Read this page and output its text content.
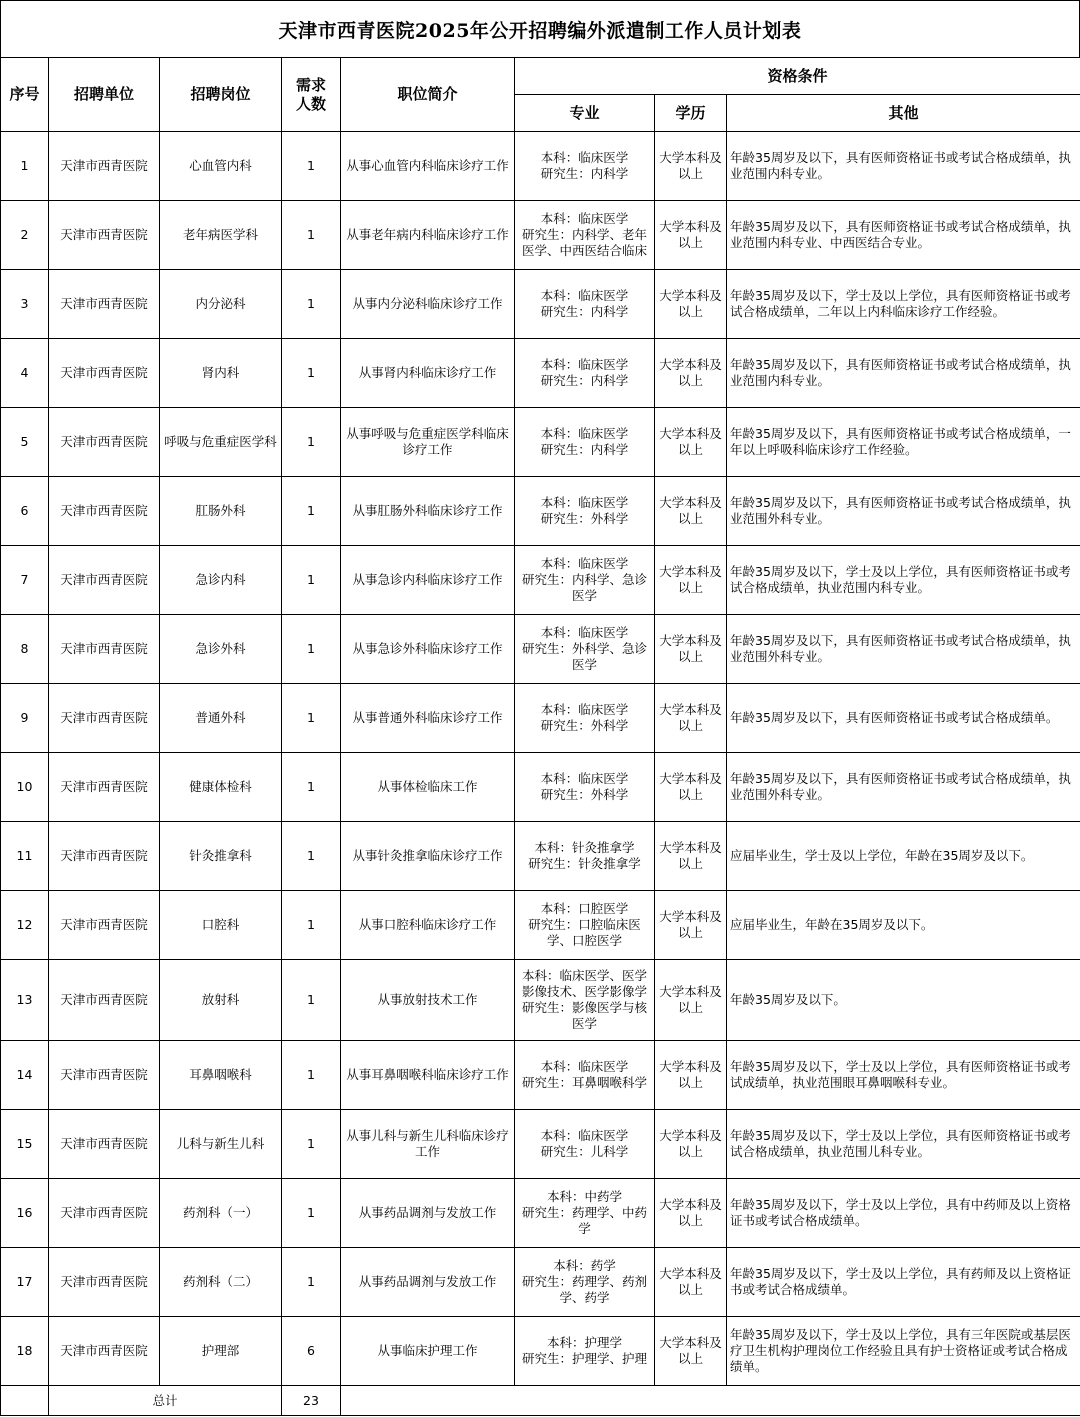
天津市西青医院2025年公开招聘编外派遣制工作人员计划表
序号	招聘单位	招聘岗位	需求人数	职位简介	资格条件		
					专业	学历	其他

1	天津市西青医院	心血管内科	1	从事心血管内科临床诊疗工作	本科：临床医学
研究生：内科学	大学本科及以上	年龄35周岁及以下，具有医师资格证书或考试合格成绩单，执业范围内科专业。

2	天津市西青医院	老年病医学科	1	从事老年病内科临床诊疗工作	本科：临床医学
研究生：内科学、老年医学、中西医结合临床	大学本科及以上	年龄35周岁及以下，具有医师资格证书或考试合格成绩单，执业范围内科专业、中西医结合专业。

3	天津市西青医院	内分泌科	1	从事内分泌科临床诊疗工作	本科：临床医学
研究生：内科学	大学本科及以上	年龄35周岁及以下，学士及以上学位，具有医师资格证书或考试合格成绩单，二年以上内科临床诊疗工作经验。

4	天津市西青医院	肾内科	1	从事肾内科临床诊疗工作	本科：临床医学
研究生：内科学	大学本科及以上	年龄35周岁及以下，具有医师资格证书或考试合格成绩单，执业范围内科专业。

5	天津市西青医院	呼吸与危重症医学科	1	从事呼吸与危重症医学科临床诊疗工作	本科：临床医学
研究生：内科学	大学本科及以上	年龄35周岁及以下，具有医师资格证书或考试合格成绩单，一年以上呼吸科临床诊疗工作经验。

6	天津市西青医院	肛肠外科	1	从事肛肠外科临床诊疗工作	本科：临床医学
研究生：外科学	大学本科及以上	年龄35周岁及以下，具有医师资格证书或考试合格成绩单，执业范围外科专业。

7	天津市西青医院	急诊内科	1	从事急诊内科临床诊疗工作	本科：临床医学
研究生：内科学、急诊医学	大学本科及以上	年龄35周岁及以下，学士及以上学位，具有医师资格证书或考试合格成绩单，执业范围内科专业。

8	天津市西青医院	急诊外科	1	从事急诊外科临床诊疗工作	本科：临床医学
研究生：外科学、急诊医学	大学本科及以上	年龄35周岁及以下，具有医师资格证书或考试合格成绩单，执业范围外科专业。

9	天津市西青医院	普通外科	1	从事普通外科临床诊疗工作	本科：临床医学
研究生：外科学	大学本科及以上	年龄35周岁及以下，具有医师资格证书或考试合格成绩单。

10	天津市西青医院	健康体检科	1	从事体检临床工作	本科：临床医学
研究生：外科学	大学本科及以上	年龄35周岁及以下，具有医师资格证书或考试合格成绩单，执业范围外科专业。

11	天津市西青医院	针灸推拿科	1	从事针灸推拿临床诊疗工作	本科：针灸推拿学
研究生：针灸推拿学	大学本科及以上	应届毕业生，学士及以上学位，年龄在35周岁及以下。

12	天津市西青医院	口腔科	1	从事口腔科临床诊疗工作	本科：口腔医学
研究生：口腔临床医学、口腔医学	大学本科及以上	应届毕业生，年龄在35周岁及以下。

13	天津市西青医院	放射科	1	从事放射技术工作	本科：临床医学、医学影像技术、医学影像学
研究生：影像医学与核医学	大学本科及以上	年龄35周岁及以下。

14	天津市西青医院	耳鼻咽喉科	1	从事耳鼻咽喉科临床诊疗工作	本科：临床医学
研究生：耳鼻咽喉科学	大学本科及以上	年龄35周岁及以下，学士及以上学位，具有医师资格证书或考试成绩单，执业范围眼耳鼻咽喉科专业。

15	天津市西青医院	儿科与新生儿科	1	从事儿科与新生儿科临床诊疗工作	本科：临床医学
研究生：儿科学	大学本科及以上	年龄35周岁及以下，学士及以上学位，具有医师资格证书或考试合格成绩单，执业范围儿科专业。

16	天津市西青医院	药剂科（一）	1	从事药品调剂与发放工作	本科：中药学
研究生：药理学、中药学	大学本科及以上	年龄35周岁及以下，学士及以上学位，具有中药师及以上资格证书或考试合格成绩单。

17	天津市西青医院	药剂科（二）	1	从事药品调剂与发放工作	本科：药学
研究生：药理学、药剂学、药学	大学本科及以上	年龄35周岁及以下，学士及以上学位，具有药师及以上资格证书或考试合格成绩单。

18	天津市西青医院	护理部	6	从事临床护理工作	本科：护理学
研究生：护理学、护理	大学本科及以上	年龄35周岁及以下，学士及以上学位，具有三年医院或基层医疗卫生机构护理岗位工作经验且具有护士资格证或考试合格成绩单。

	总计		23				
